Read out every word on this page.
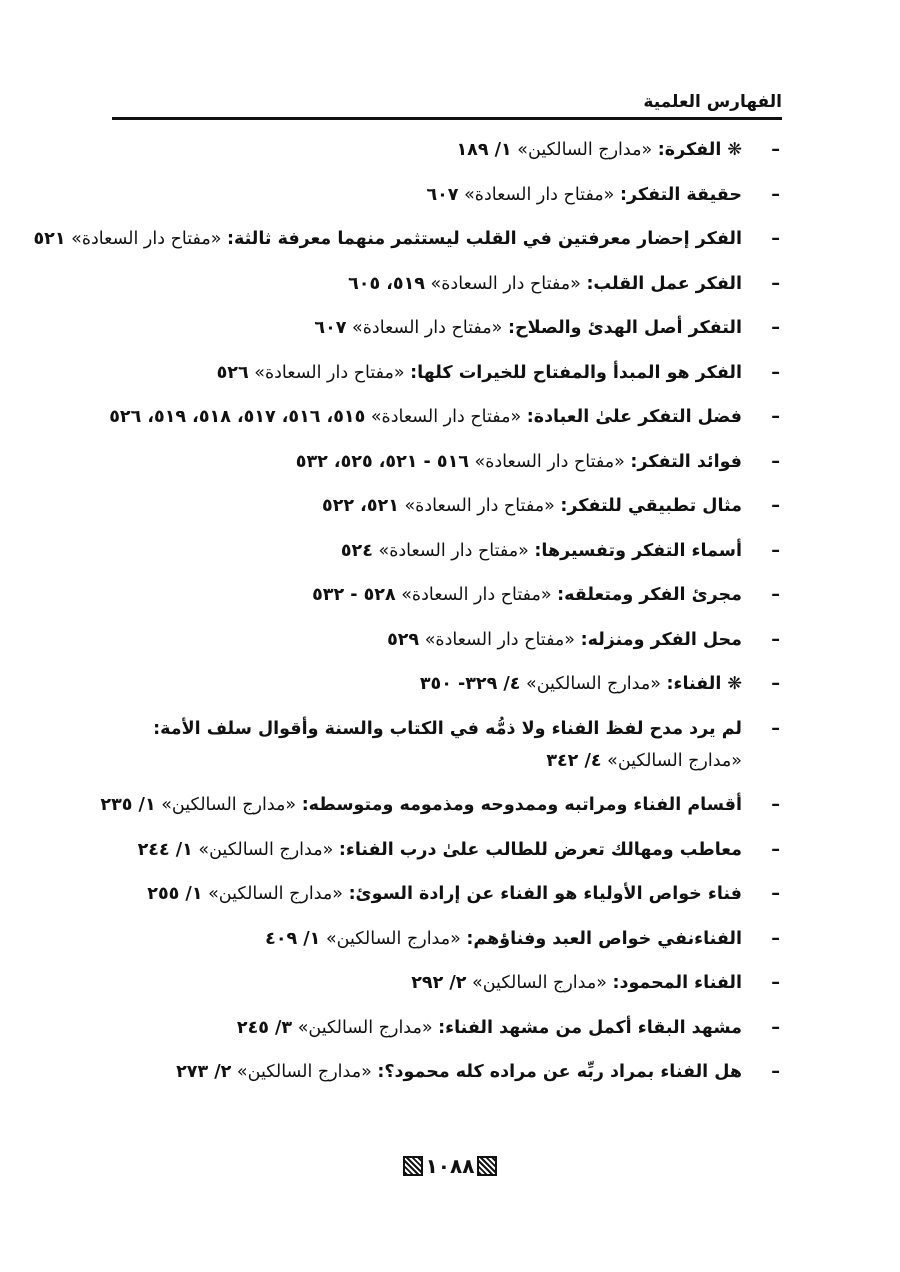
الفهارس العلمية
–
❋الفكرة: «مدارج السالكين» ١/ ١٨٩
–
حقيقة التفكر: «مفتاح دار السعادة» ٦٠٧
–
الفكر إحضار معرفتين في القلب ليستثمر منهما معرفة ثالثة: «مفتاح دار السعادة» ٥٢١
–
الفكر عمل القلب: «مفتاح دار السعادة» ٥١٩، ٦٠٥
–
التفكر أصل الهدئ والصلاح: «مفتاح دار السعادة» ٦٠٧
–
الفكر هو المبدأ والمفتاح للخيرات كلها: «مفتاح دار السعادة» ٥٢٦
–
فضل التفكر علىٰ العبادة: «مفتاح دار السعادة» ٥١٥، ٥١٦، ٥١٧، ٥١٨، ٥١٩، ٥٢٦
–
فوائد التفكر: «مفتاح دار السعادة» ٥١٦ - ٥٢١، ٥٢٥، ٥٣٢
–
مثال تطبيقي للتفكر: «مفتاح دار السعادة» ٥٢١، ٥٢٢
–
أسماء التفكر وتفسيرها: «مفتاح دار السعادة» ٥٢٤
–
مجرئ الفكر ومتعلقه: «مفتاح دار السعادة» ٥٢٨ - ٥٣٢
–
محل الفكر ومنزله: «مفتاح دار السعادة» ٥٢٩
–
❋الفناء: «مدارج السالكين» ٤/ ٣٢٩- ٣٥٠
–
لم يرد مدح لفظ الفناء ولا ذمُّه في الكتاب والسنة وأقوال سلف الأمة: «مدارج السالكين» ٤/ ٣٤٢
–
أقسام الفناء ومراتبه وممدوحه ومذمومه ومتوسطه: «مدارج السالكين» ١/ ٢٣٥
–
معاطب ومهالك تعرض للطالب علىٰ درب الفناء: «مدارج السالكين» ١/ ٢٤٤
–
فناء خواص الأولياء هو الفناء عن إرادة السوئ: «مدارج السالكين» ١/ ٢٥٥
–
الفناءنفي خواص العبد وفناؤهم: «مدارج السالكين» ١/ ٤٠٩
–
الفناء المحمود: «مدارج السالكين» ٢/ ٢٩٢
–
مشهد البقاء أكمل من مشهد الفناء: «مدارج السالكين» ٣/ ٢٤٥
–
هل الفناء بمراد ربِّه عن مراده كله محمود؟: «مدارج السالكين» ٢/ ٢٧٣
١٠٨٨
